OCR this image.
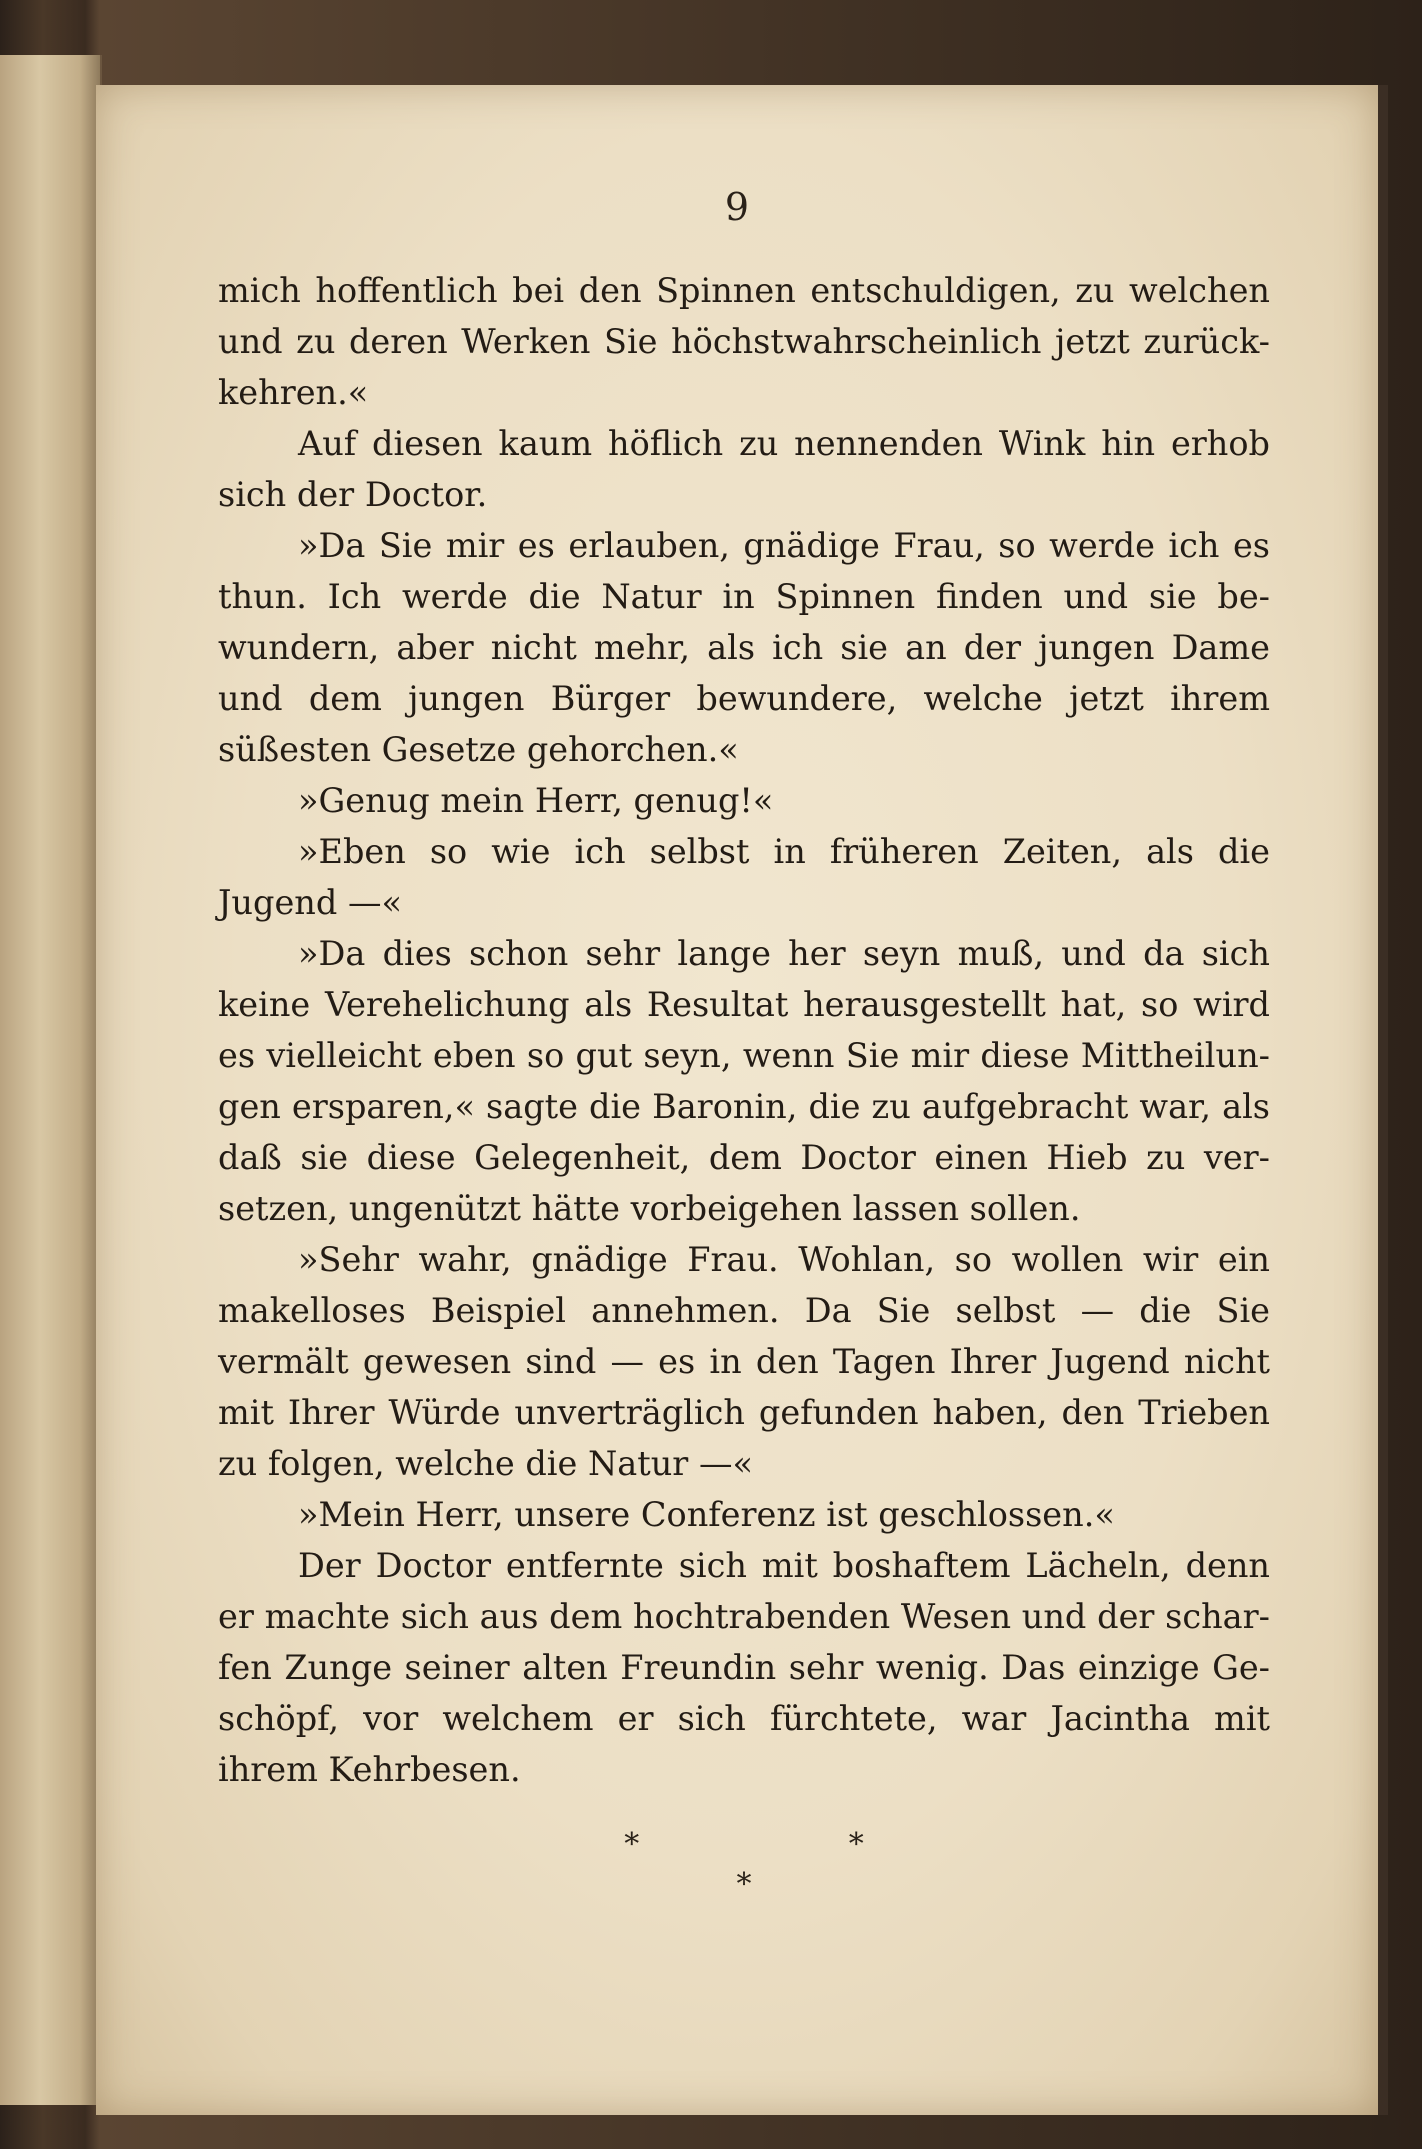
9

mich hoffentlich bei den Spinnen entschuldigen, zu welchen und zu deren Werken Sie höchstwahrscheinlich jetzt zurück-kehren.«

Auf diesen kaum höflich zu nennenden Wink hin erhob sich der Doctor.

»Da Sie mir es erlauben, gnädige Frau, so werde ich es thun. Ich werde die Natur in Spinnen finden und sie be-wundern, aber nicht mehr, als ich sie an der jungen Dame und dem jungen Bürger bewundere, welche jetzt ihrem süßesten Gesetze gehorchen.«

»Genug mein Herr, genug!«

»Eben so wie ich selbst in früheren Zeiten, als die Jugend —«

»Da dies schon sehr lange her seyn muß, und da sich keine Verehelichung als Resultat herausgestellt hat, so wird es vielleicht eben so gut seyn, wenn Sie mir diese Mittheilun-gen ersparen,« sagte die Baronin, die zu aufgebracht war, als daß sie diese Gelegenheit, dem Doctor einen Hieb zu ver-setzen, ungenützt hätte vorbeigehen lassen sollen.

»Sehr wahr, gnädige Frau. Wohlan, so wollen wir ein makelloses Beispiel annehmen. Da Sie selbst — die Sie vermält gewesen sind — es in den Tagen Ihrer Jugend nicht mit Ihrer Würde unverträglich gefunden haben, den Trieben zu folgen, welche die Natur —«

»Mein Herr, unsere Conferenz ist geschlossen.«

Der Doctor entfernte sich mit boshaftem Lächeln, denn er machte sich aus dem hochtrabenden Wesen und der schar-fen Zunge seiner alten Freundin sehr wenig. Das einzige Ge-schöpf, vor welchem er sich fürchtete, war Jacintha mit ihrem Kehrbesen.

* *
*
